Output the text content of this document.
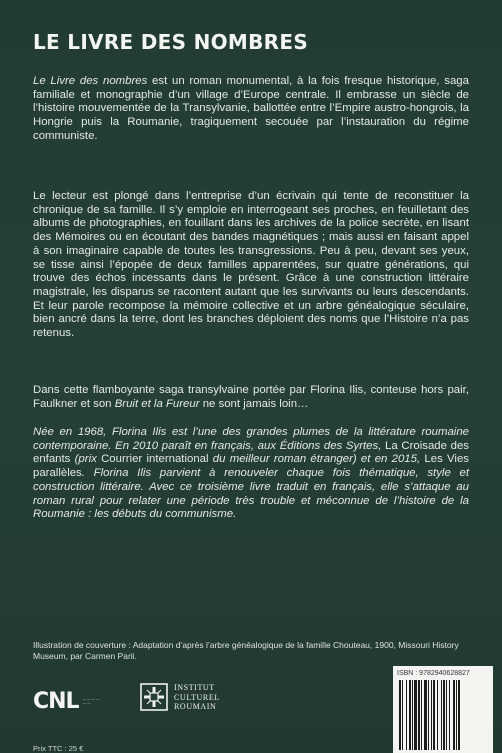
LE LIVRE DES NOMBRES

Le Livre des nombres est un roman monumental, à la fois fresque historique, saga familiale et monographie d’un village d’Europe centrale. Il embrasse un siècle de l’histoire mouvementée de la Transylvanie, ballottée entre l’Empire austro-hongrois, la Hongrie puis la Roumanie, tragiquement secouée par l’instauration du régime communiste.

Le lecteur est plongé dans l’entreprise d’un écrivain qui tente de reconstituer la chronique de sa famille. Il s’y emploie en interrogeant ses proches, en feuilletant des albums de photographies, en fouillant dans les archives de la police secrète, en lisant des Mémoires ou en écoutant des bandes magnétiques ; mais aussi en faisant appel à son imaginaire capable de toutes les transgressions. Peu à peu, devant ses yeux, se tisse ainsi l’épopée de deux familles apparentées, sur quatre générations, qui trouve des échos incessants dans le présent. Grâce à une construction littéraire magistrale, les disparus se racontent autant que les survivants ou leurs descendants. Et leur parole recompose la mémoire collective et un arbre généalogique séculaire, bien ancré dans la terre, dont les branches déploient des noms que l’Histoire n’a pas retenus.

Dans cette flamboyante saga transylvaine portée par Florina Ilis, conteuse hors pair, Faulkner et son Bruit et la Fureur ne sont jamais loin…

Née en 1968, Florina Ilis est l’une des grandes plumes de la littérature roumaine contemporaine. En 2010 paraît en français, aux Éditions des Syrtes, La Croisade des enfants (prix Courrier international du meilleur roman étranger) et en 2015, Les Vies parallèles. Florina Ilis parvient à renouveler chaque fois thématique, style et construction littéraire. Avec ce troisième livre traduit en français, elle s’attaque au roman rural pour relater une période très trouble et méconnue de l’histoire de la Roumanie : les débuts du communisme.

Illustration de couverture : Adaptation d’après l’arbre généalogique de la famille Chouteau, 1900, Missouri History Museum, par Carmen Parii.
CNL — — — — — —
INSTITUT
CULTUREL
ROUMAIN
ISBN : 9782940628827
Prix TTC : 25 €
